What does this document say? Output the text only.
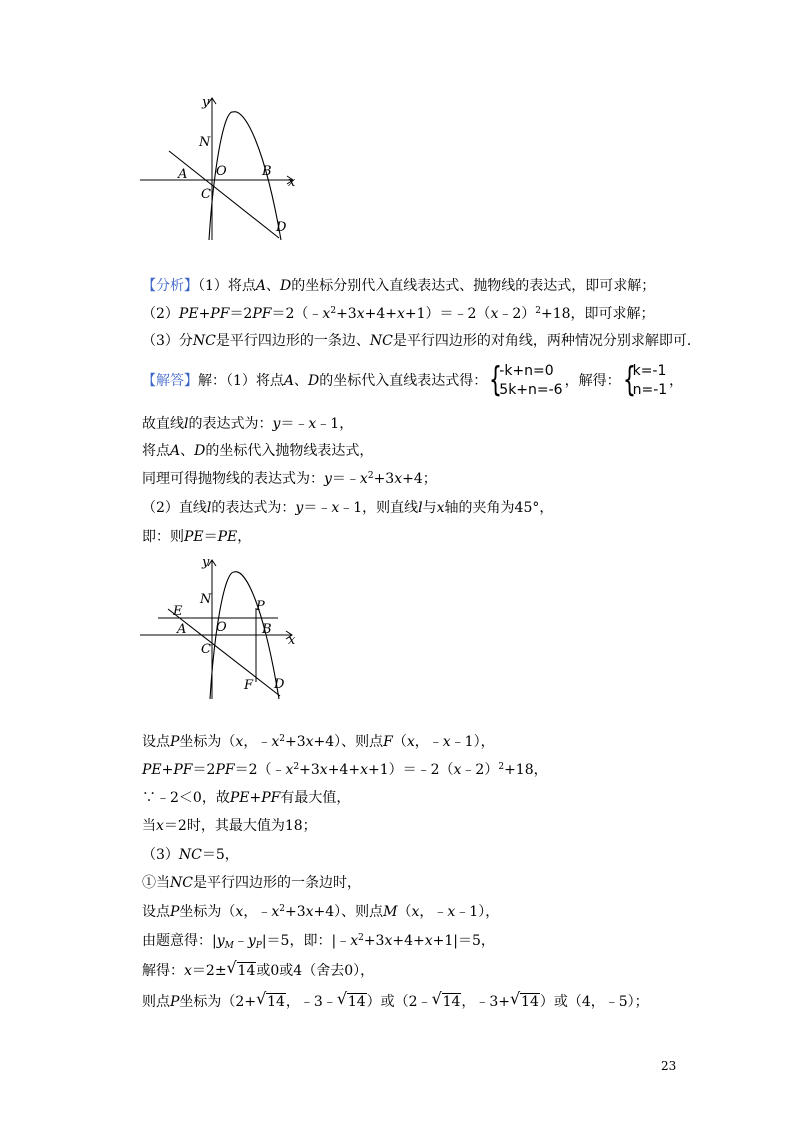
y
N
O
A	B
x
C
D
【分析】（1）将点A、D的坐标分别代入直线表达式、抛物线的表达式，即可求解；
$(2)PE+PF=2PF=2(﹣x^2+3x+4+x+1)=﹣2(x﹣2)^2+18$，即可求解；
（3）分NC是平行四边形的一条边、NC是平行四边形的对角线，两种情况分别求解即可．
【解答】解：（1）将点A、D的坐标代入直线表达式得： {
-k+n=0
5k+n=-6
，解得： {
k=-1
n=-1
，
故直线l的表达式为：y＝﹣x﹣1，
将点A、D的坐标代入抛物线表达式，
同理可得抛物线的表达式为：$y=﹣x^2+3x+4$；
（2）直线l的表达式为：y＝﹣x﹣1，则直线l与x轴的夹角为45°，
即：则PE＝PE，
y
N	P
E
A O	B
x
C
F D
设点P坐标为（x，$﹣x^2+3x+4$）、则点F（x，﹣x﹣1），
$PE+PF=2PF=2(﹣x^2+3x+4+x+1)=﹣2(x﹣2)^2+18$，
∵﹣2＜0，故PE+PF有最大值，
当x＝2时，其最大值为18；
（3）NC＝5，
①当NC是平行四边形的一条边时，
设点P坐标为（x，$﹣x^2+3x+4$）、则点M（x，﹣x﹣1），
由题意得：$|y_M﹣y_P|=5$，即：$|﹣x^2+3x+4+x+1|=5$，
解得：x＝2± √ 14或0或4（舍去0），
则点P坐标为（2+ √ 14，﹣3﹣ √ 14）或（2﹣ √ 14，﹣3+ √ 14）或（4，﹣5）；
23
